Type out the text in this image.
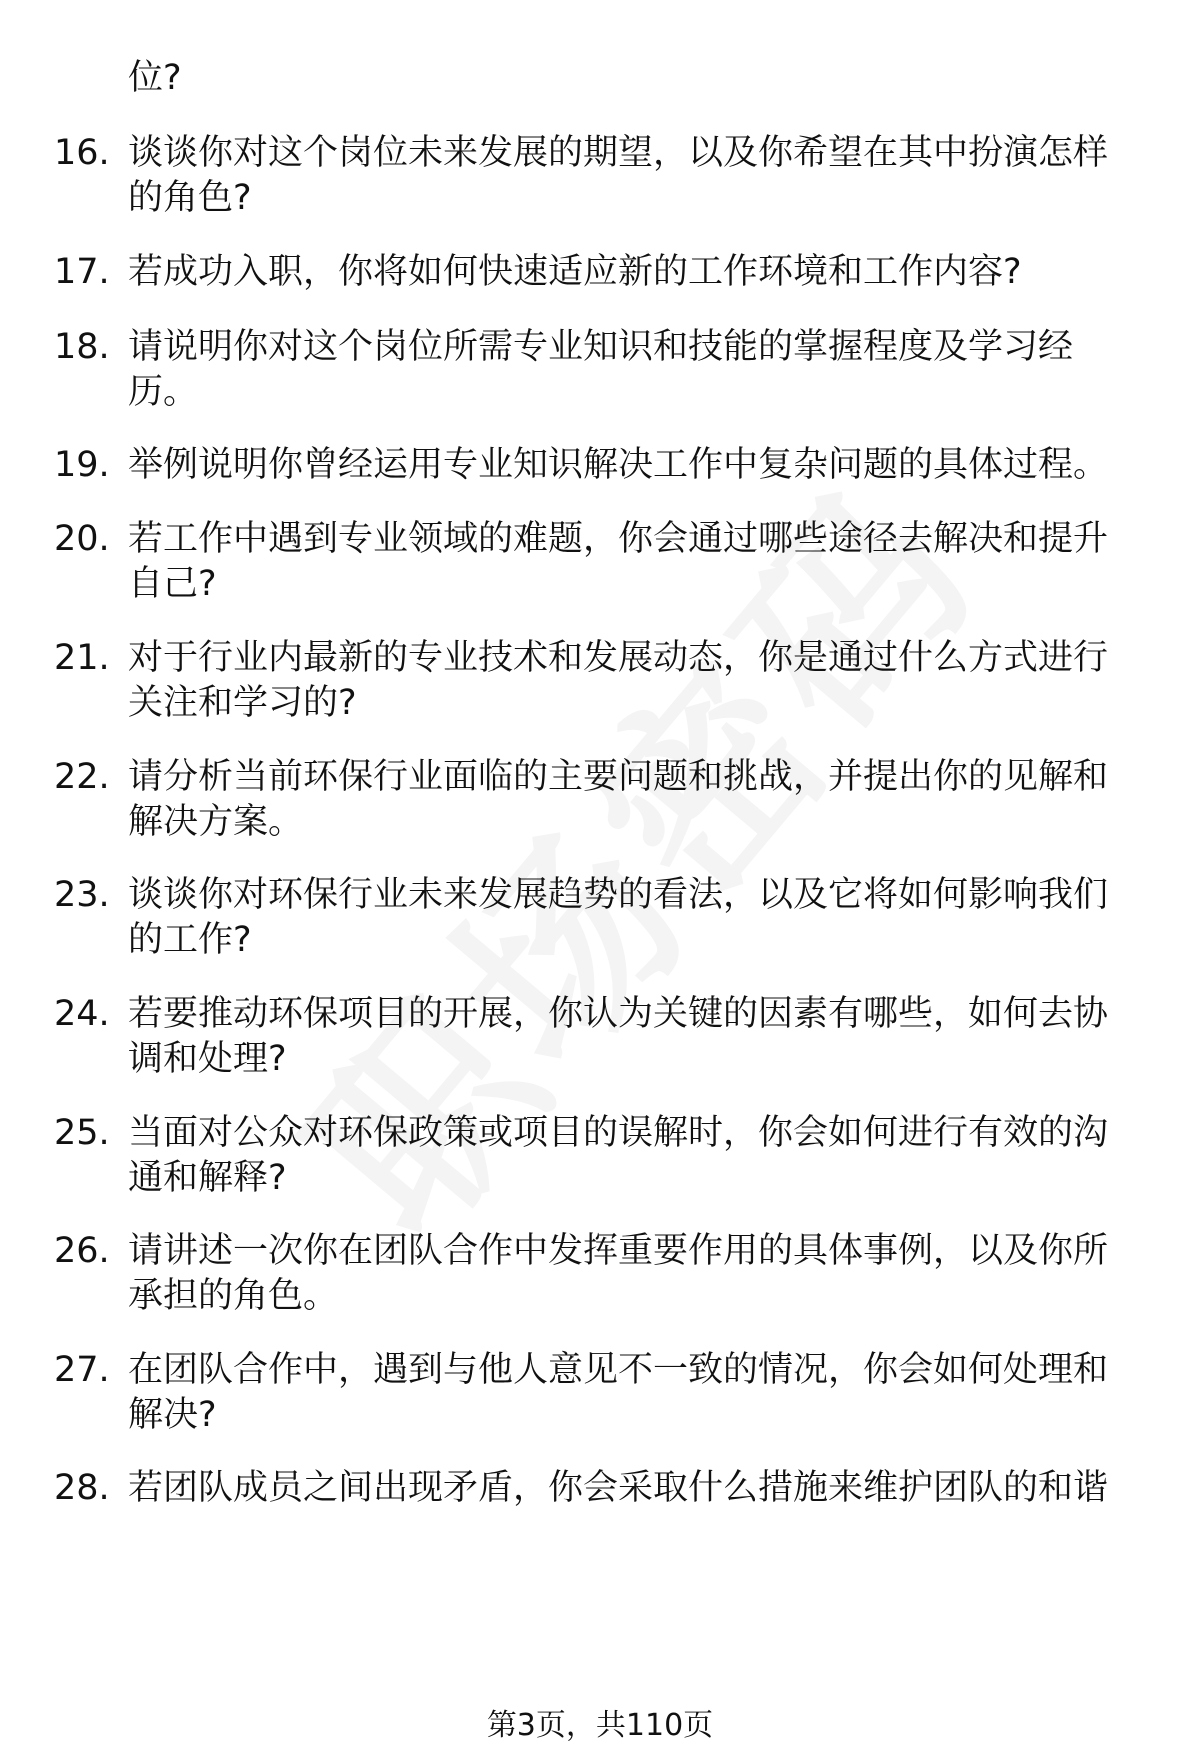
位?
16. 谈谈你对这个岗位未来发展的期望，以及你希望在其中扮演怎样
的角色?
17. 若成功入职，你将如何快速适应新的工作环境和工作内容?
18. 请说明你对这个岗位所需专业知识和技能的掌握程度及学习经
历。
19. 举例说明你曾经运用专业知识解决工作中复杂问题的具体过程。
20. 若工作中遇到专业领域的难题，你会通过哪些途径去解决和提升
自己?
21. 对于行业内最新的专业技术和发展动态，你是通过什么方式进行
关注和学习的?
22. 请分析当前环保行业面临的主要问题和挑战，并提出你的见解和
解决方案。
23. 谈谈你对环保行业未来发展趋势的看法，以及它将如何影响我们
的工作?
24. 若要推动环保项目的开展，你认为关键的因素有哪些，如何去协
调和处理?
25. 当面对公众对环保政策或项目的误解时，你会如何进行有效的沟
通和解释?
26. 请讲述一次你在团队合作中发挥重要作用的具体事例，以及你所
承担的角色。
27. 在团队合作中，遇到与他人意见不一致的情况，你会如何处理和
解决?
28. 若团队成员之间出现矛盾，你会采取什么措施来维护团队的和谐
第3页，共110页
